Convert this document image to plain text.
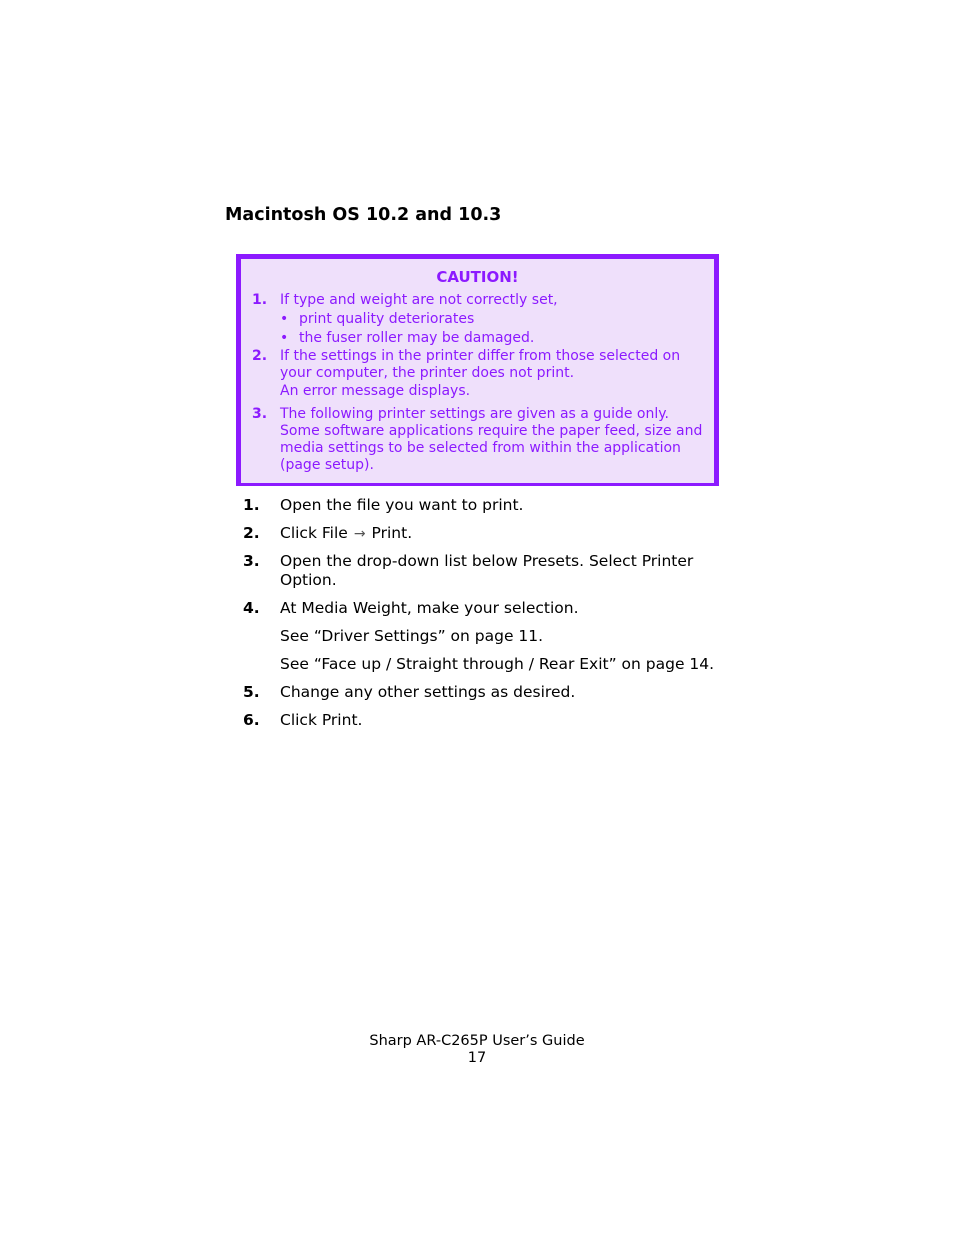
Macintosh OS 10.2 and 10.3
CAUTION!
1. If type and weight are not correctly set,

• print quality deteriorates
• the fuser roller may be damaged.
2. If the settings in the printer differ from those selected on

your computer, the printer does not print.

An error message displays.

3. The following printer settings are given as a guide only.

Some software applications require the paper feed, size and

media settings to be selected from within the application

(page setup).

1. Open the file you want to print.

2. Click File → Print.

3. Open the drop-down list below Presets. Select Printer

Option.

4. At Media Weight, make your selection.

See “Driver Settings” on page 11.

See “Face up / Straight through / Rear Exit” on page 14.

5. Change any other settings as desired.

6. Click Print.

Sharp AR-C265P User’s Guide
17
